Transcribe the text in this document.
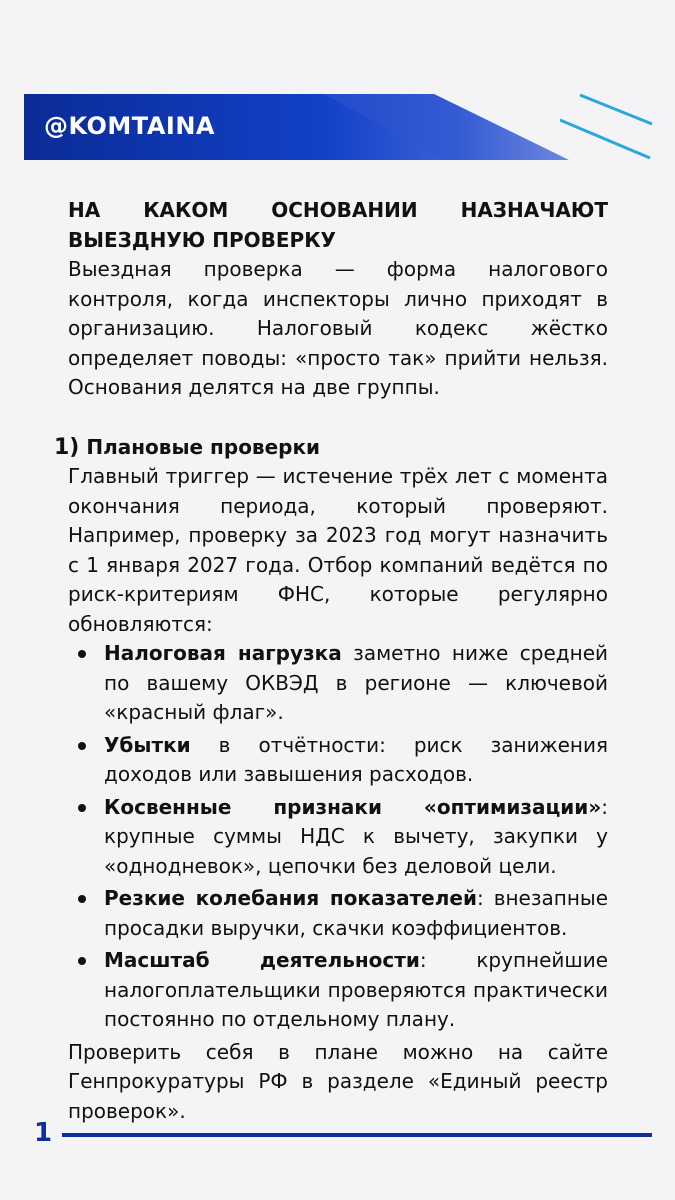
@KOMTAINA

НА КАКОМ ОСНОВАНИИ НАЗНАЧАЮТ ВЫЕЗДНУЮ ПРОВЕРКУ

Выездная проверка — форма налогового контроля, когда инспекторы лично приходят в организацию. Налоговый кодекс жёстко определяет поводы: «просто так» прийти нельзя. Основания делятся на две группы.

1) Плановые проверки

Главный триггер — истечение трёх лет с момента окончания периода, который проверяют. Например, проверку за 2023 год могут назначить с 1 января 2027 года. Отбор компаний ведётся по риск-критериям ФНС, которые регулярно обновляются:

Налоговая нагрузка заметно ниже средней по вашему ОКВЭД в регионе — ключевой «красный флаг».
Убытки в отчётности: риск занижения доходов или завышения расходов.
Косвенные признаки «оптимизации»: крупные суммы НДС к вычету, закупки у «однодневок», цепочки без деловой цели.
Резкие колебания показателей: внезапные просадки выручки, скачки коэффициентов.
Масштаб деятельности: крупнейшие налогоплательщики проверяются практически постоянно по отдельному плану.

Проверить себя в плане можно на сайте Генпрокуратуры РФ в разделе «Единый реестр проверок».

1
